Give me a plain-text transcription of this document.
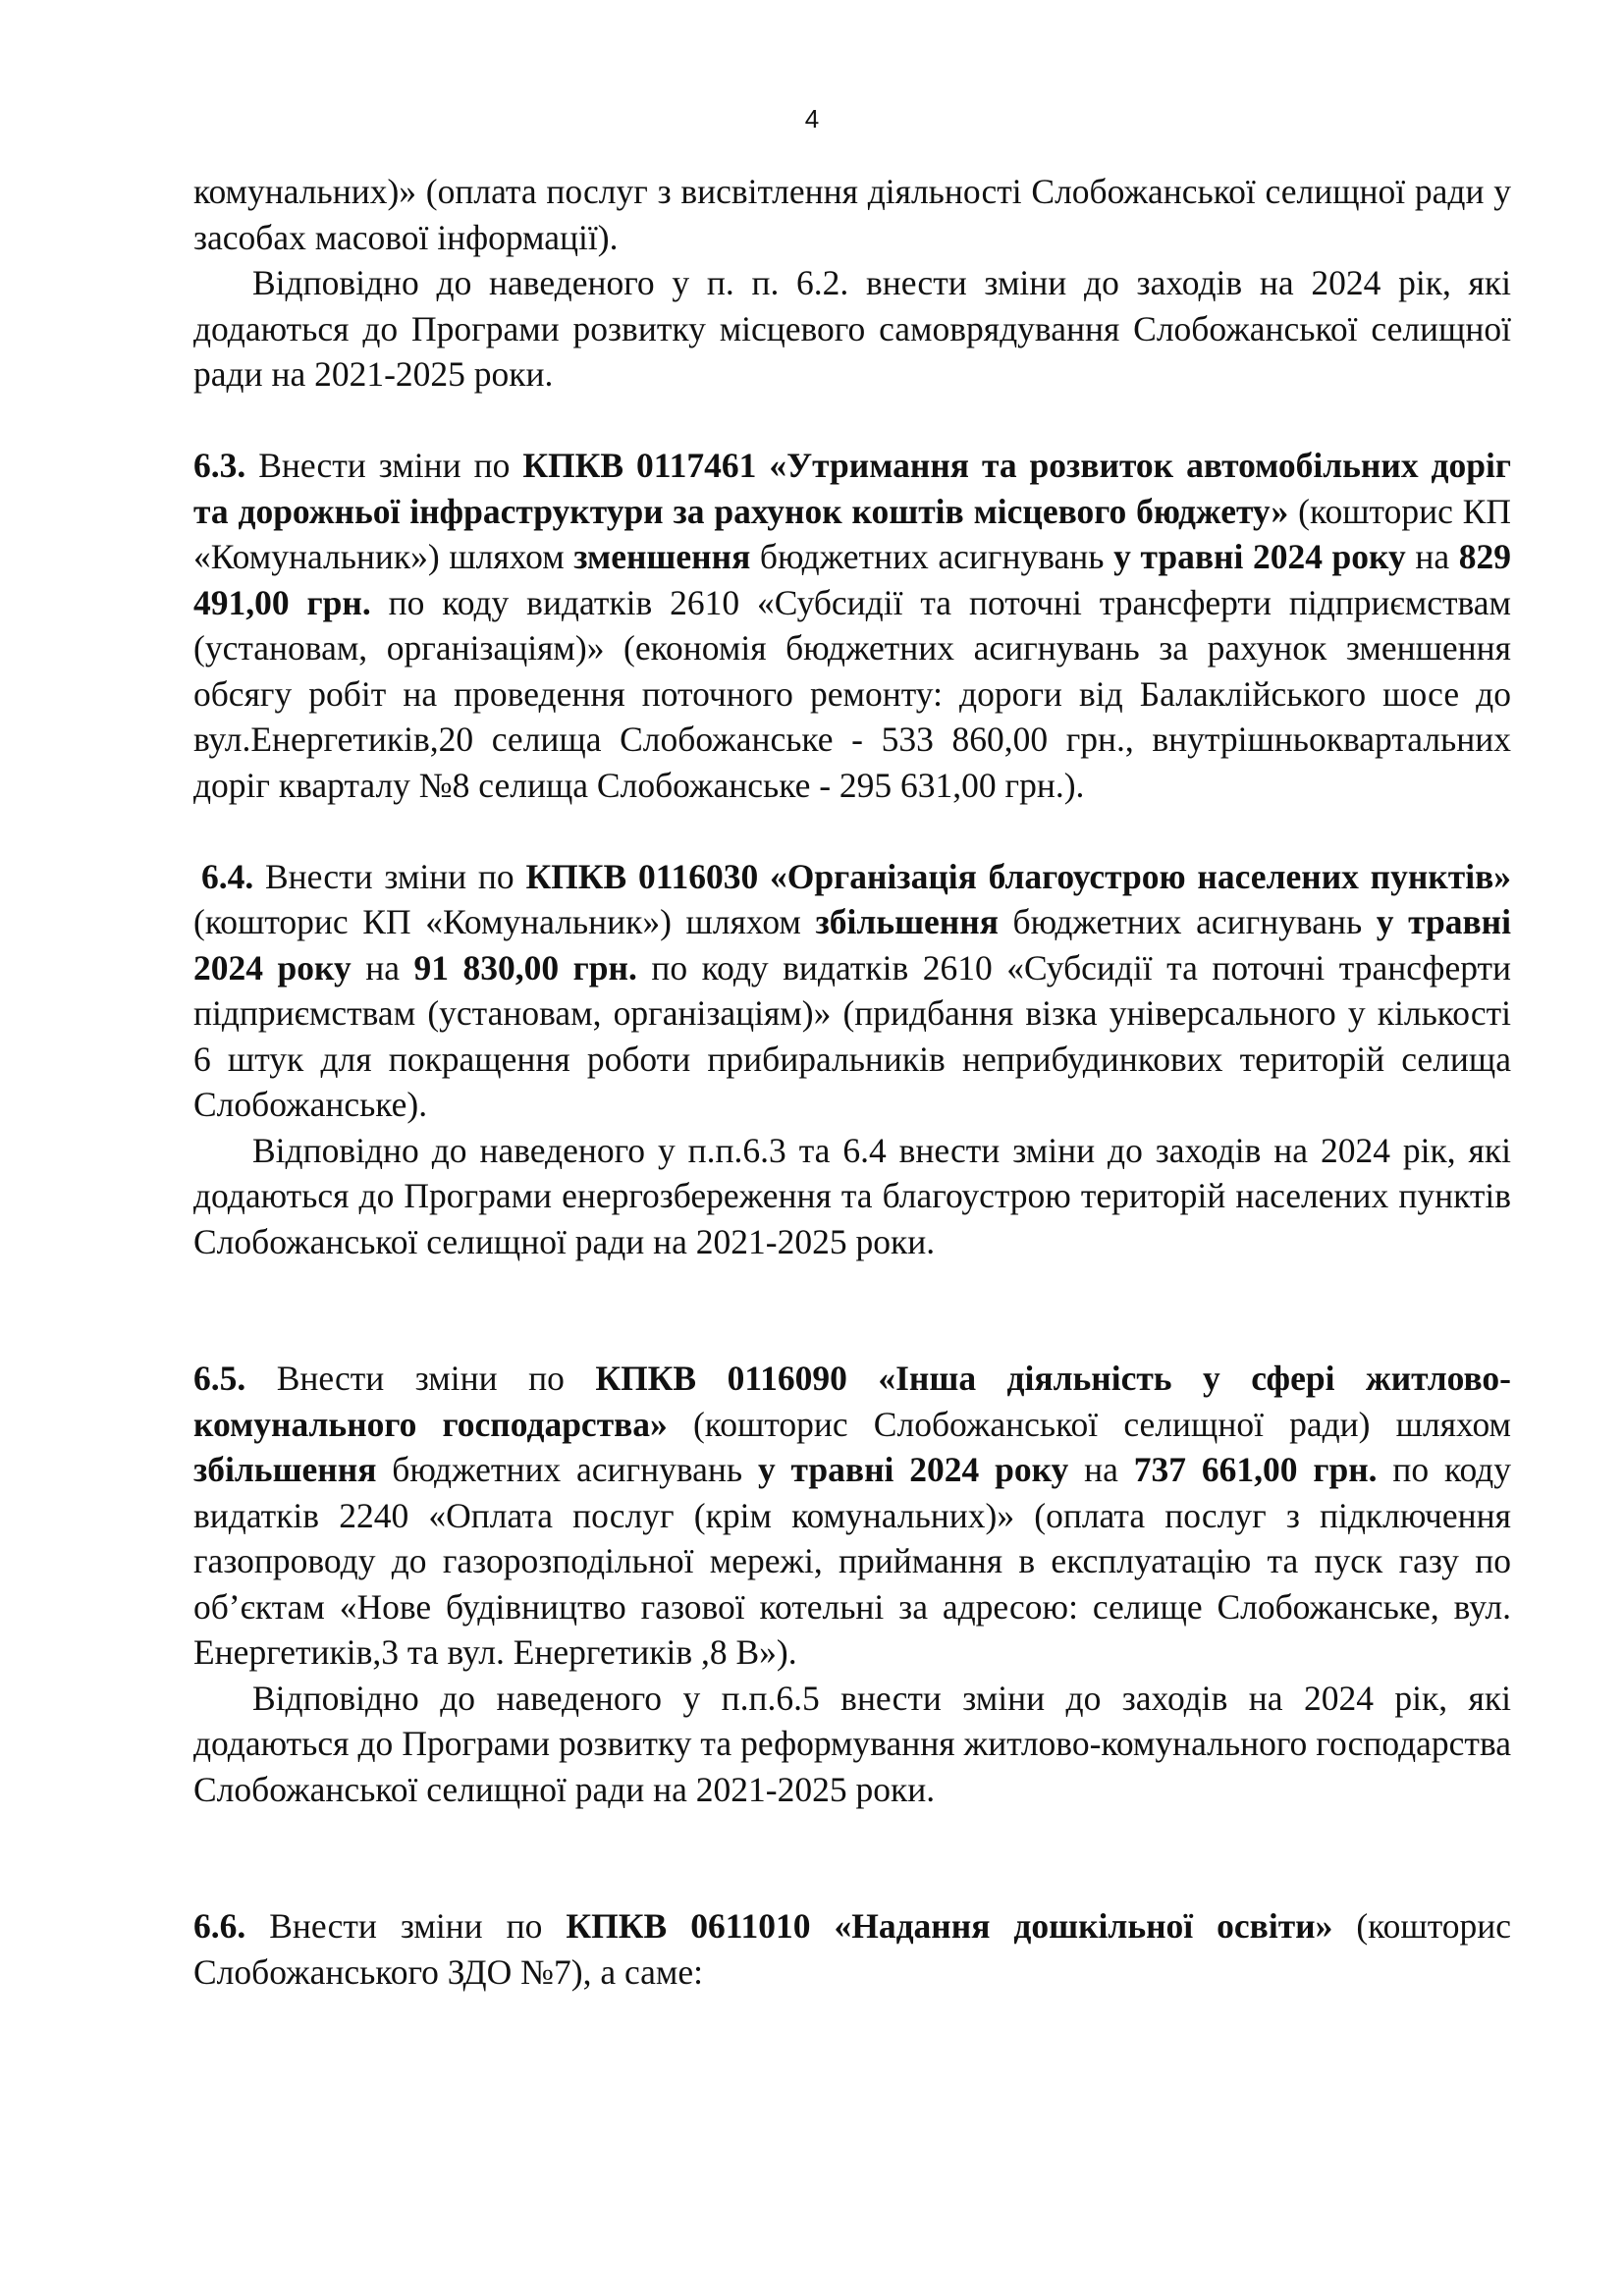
4

комунальних)» (оплата послуг з висвітлення діяльності Слобожанської селищної ради у засобах масової інформації).

Відповідно до наведеного у п. п. 6.2. внести зміни до заходів на 2024 рік, які додаються до Програми розвитку місцевого самоврядування Слобожанської селищної ради на 2021-2025 роки.

6.3. Внести зміни по КПКВ 0117461 «Утримання та розвиток автомобільних доріг та дорожньої інфраструктури за рахунок коштів місцевого бюджету» (кошторис КП «Комунальник») шляхом зменшення бюджетних асигнувань у травні 2024 року на 829 491,00 грн. по коду видатків 2610 «Субсидії та поточні трансферти підприємствам (установам, організаціям)» (економія бюджетних асигнувань за рахунок зменшення обсягу робіт на проведення поточного ремонту: дороги від Балаклійського шосе до вул.Енергетиків,20 селища Слобожанське - 533 860,00 грн., внутрішньоквартальних доріг кварталу №8 селища Слобожанське - 295 631,00 грн.).

6.4. Внести зміни по КПКВ 0116030 «Організація благоустрою населених пунктів» (кошторис КП «Комунальник») шляхом збільшення бюджетних асигнувань у травні 2024 року на 91 830,00 грн. по коду видатків 2610 «Субсидії та поточні трансферти підприємствам (установам, організаціям)» (придбання візка універсального у кількості 6 штук для покращення роботи прибиральників неприбудинкових територій селища Слобожанське).

Відповідно до наведеного у п.п.6.3 та 6.4 внести зміни до заходів на 2024 рік, які додаються до Програми енергозбереження та благоустрою територій населених пунктів Слобожанської селищної ради на 2021-2025 роки.

6.5. Внести зміни по КПКВ 0116090 «Інша діяльність у сфері житлово-комунального господарства» (кошторис Слобожанської селищної ради) шляхом збільшення бюджетних асигнувань у травні 2024 року на 737 661,00 грн. по коду видатків 2240 «Оплата послуг (крім комунальних)» (оплата послуг з підключення газопроводу до газорозподільної мережі, приймання в експлуатацію та пуск газу по об’єктам «Нове будівництво газової котельні за адресою: селище Слобожанське, вул. Енергетиків,3 та вул. Енергетиків ,8 В»).

Відповідно до наведеного у п.п.6.5 внести зміни до заходів на 2024 рік, які додаються до Програми розвитку та реформування житлово-комунального господарства Слобожанської селищної ради на 2021-2025 роки.

6.6. Внести зміни по КПКВ 0611010 «Надання дошкільної освіти» (кошторис Слобожанського ЗДО №7), а саме:
